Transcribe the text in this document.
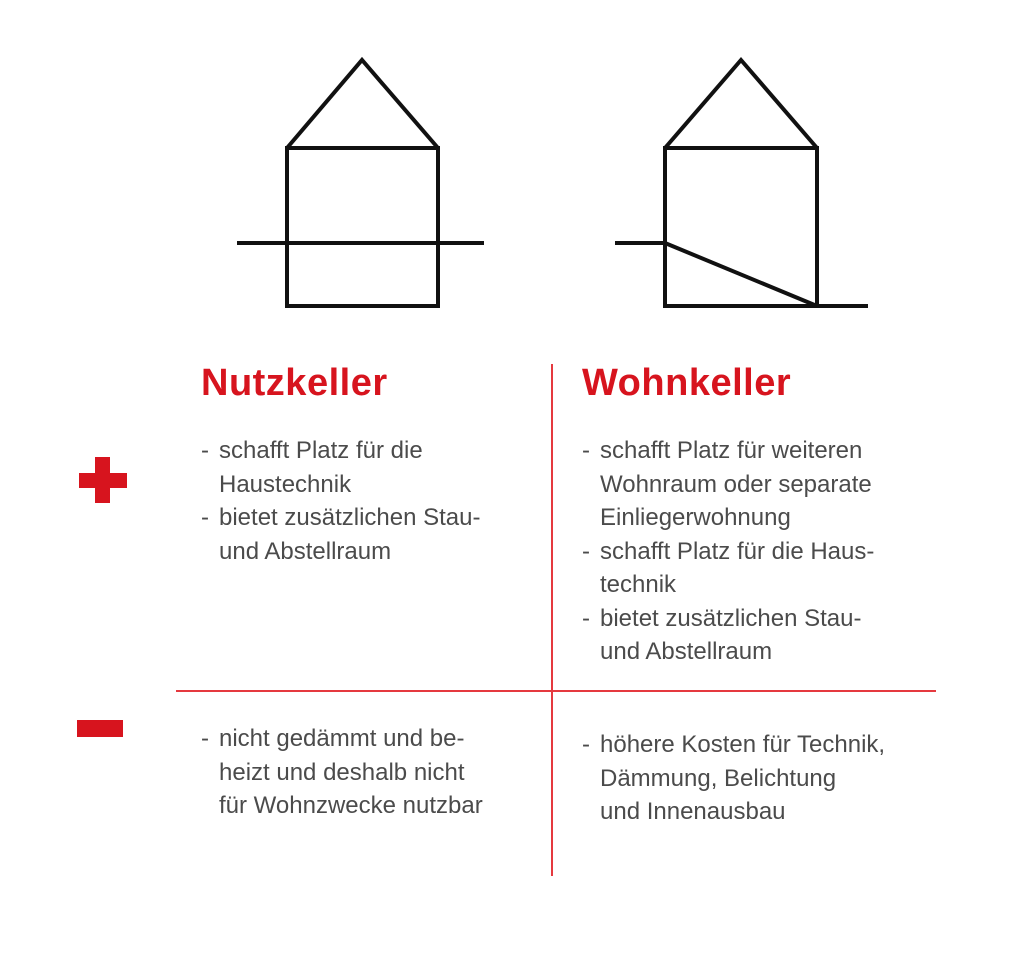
Nutzkeller	Wohnkeller
- schafft Platz für die
Haustechnik
- bietet zusätzlichen Stau-
und Abstellraum
- schafft Platz für weiteren
Wohnraum oder separate
Einliegerwohnung
- schafft Platz für die Haus-
technik
- bietet zusätzlichen Stau-
und Abstellraum
- nicht gedämmt und be-
heizt und deshalb nicht
für Wohnzwecke nutzbar
- höhere Kosten für Technik,
Dämmung, Belichtung
und Innenausbau
